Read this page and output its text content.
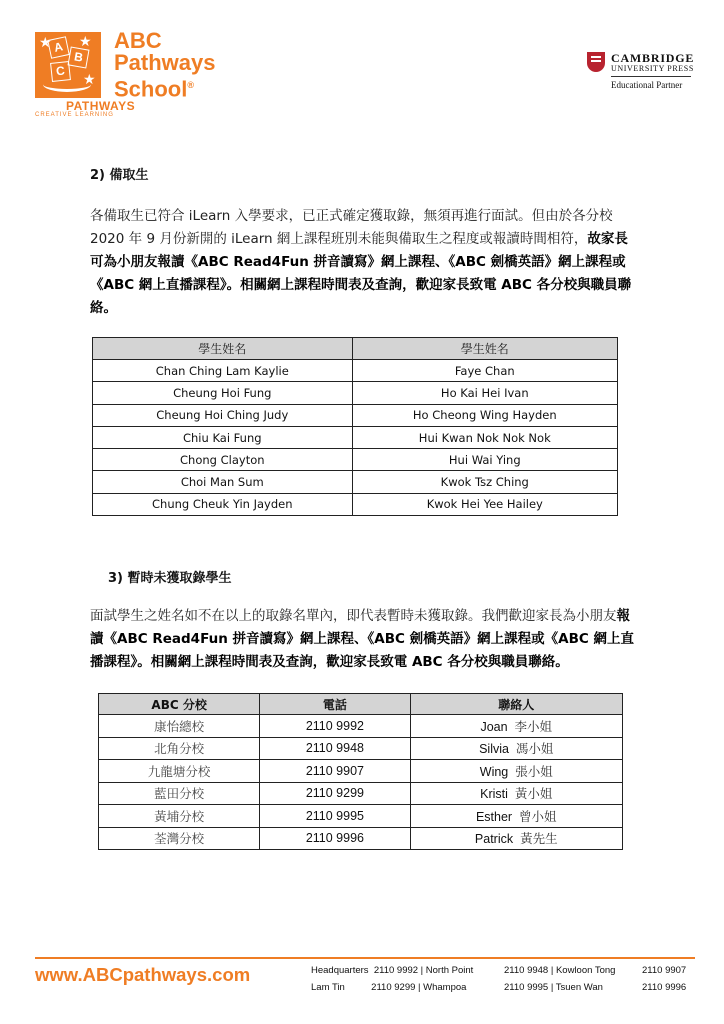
★ ★
★
A
B
C
ABC
Pathways
School®
PATHWAYS
CREATIVE LEARNING
CAMBRIDGE
UNIVERSITY PRESS
Educational Partner
2) 備取生
各備取生已符合 iLearn 入學要求，已正式確定獲取錄，無須再進行面試。但由於各分校 2020 年 9 月份新開的 iLearn 網上課程班別未能與備取生之程度或報讀時間相符，故家長可為小朋友報讀《ABC Read4Fun 拼音讀寫》網上課程、《ABC 劍橋英語》網上課程或《ABC 網上直播課程》。相關網上課程時間表及查詢，歡迎家長致電 ABC 各分校與職員聯絡。
學生姓名	學生姓名
Chan Ching Lam Kaylie	Faye Chan
Cheung Hoi Fung	Ho Kai Hei Ivan
Cheung Hoi Ching Judy	Ho Cheong Wing Hayden
Chiu Kai Fung	Hui Kwan Nok Nok Nok
Chong Clayton	Hui Wai Ying
Choi Man Sum	Kwok Tsz Ching
Chung Cheuk Yin Jayden	Kwok Hei Yee Hailey
3) 暫時未獲取錄學生
面試學生之姓名如不在以上的取錄名單內，即代表暫時未獲取錄。我們歡迎家長為小朋友報讀《ABC Read4Fun 拼音讀寫》網上課程、《ABC 劍橋英語》網上課程或《ABC 網上直播課程》。相關網上課程時間表及查詢，歡迎家長致電 ABC 各分校與職員聯絡。
ABC 分校	電話	聯絡人
康怡總校	2110 9992	Joan 李小姐
北角分校	2110 9948	Silvia 馮小姐
九龍塘分校	2110 9907	Wing 張小姐
藍田分校	2110 9299	Kristi 黃小姐
黃埔分校	2110 9995	Esther 曾小姐
荃灣分校	2110 9996	Patrick 黃先生
www.ABCpathways.com	Headquarters  2110 9992 | North Point	2110 9948 | Kowloon Tong	2110 9907
Lam Tin          2110 9299 | Whampoa	2110 9995 | Tsuen Wan	2110 9996
